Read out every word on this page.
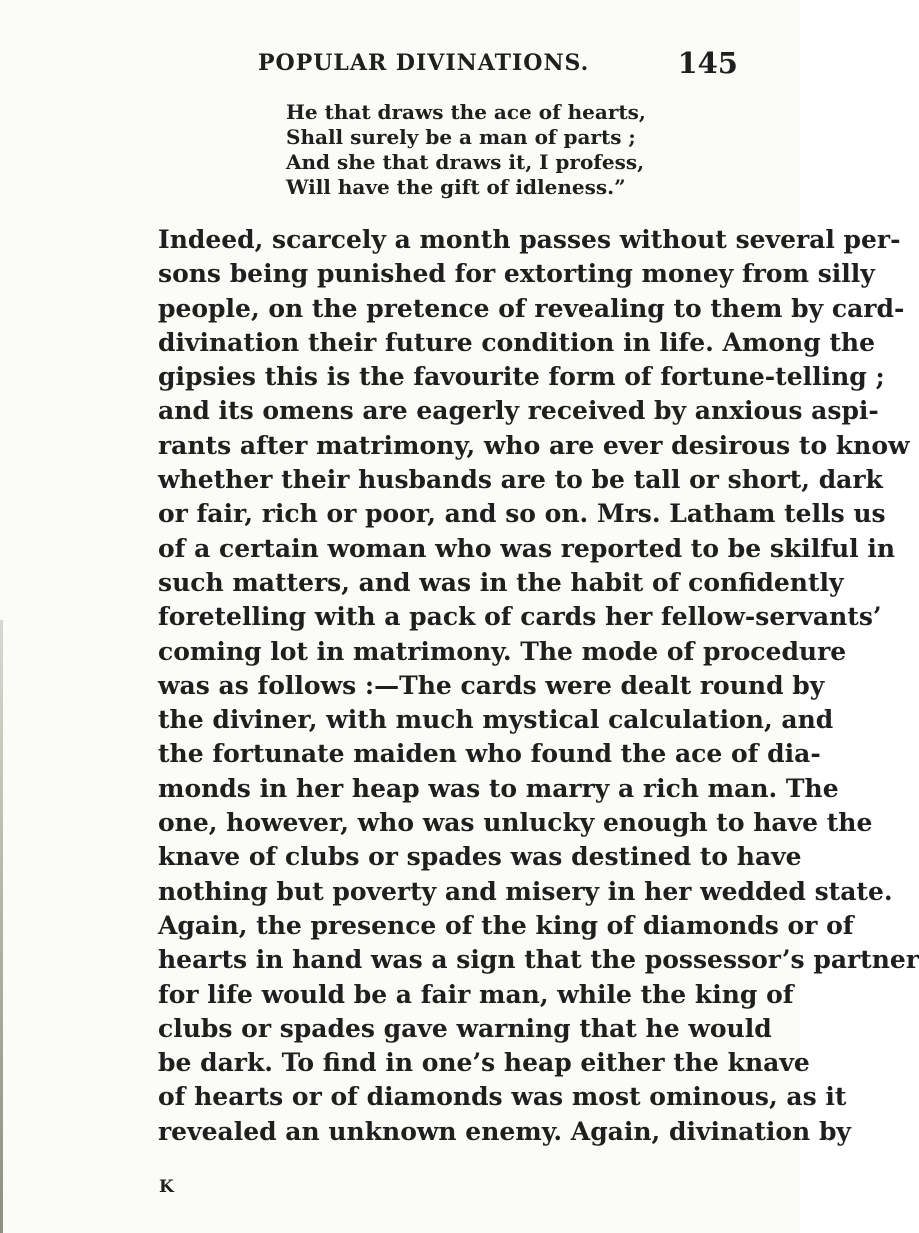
POPULAR DIVINATIONS.	145
He that draws the ace of hearts,
Shall surely be a man of parts ;
And she that draws it, I profess,
Will have the gift of idleness.”
Indeed, scarcely a month passes without several per-
sons being punished for extorting money from silly
people, on the pretence of revealing to them by card-
divination their future condition in life. Among the
gipsies this is the favourite form of fortune-telling ;
and its omens are eagerly received by anxious aspi-
rants after matrimony, who are ever desirous to know
whether their husbands are to be tall or short, dark
or fair, rich or poor, and so on. Mrs. Latham tells us
of a certain woman who was reported to be skilful in
such matters, and was in the habit of confidently
foretelling with a pack of cards her fellow-servants’
coming lot in matrimony. The mode of procedure
was as follows :—The cards were dealt round by
the diviner, with much mystical calculation, and
the fortunate maiden who found the ace of dia-
monds in her heap was to marry a rich man. The
one, however, who was unlucky enough to have the
knave of clubs or spades was destined to have
nothing but poverty and misery in her wedded state.
Again, the presence of the king of diamonds or of
hearts in hand was a sign that the possessor’s partner
for life would be a fair man, while the king of
clubs or spades gave warning that he would
be dark. To find in one’s heap either the knave
of hearts or of diamonds was most ominous, as it
revealed an unknown enemy. Again, divination by
K
